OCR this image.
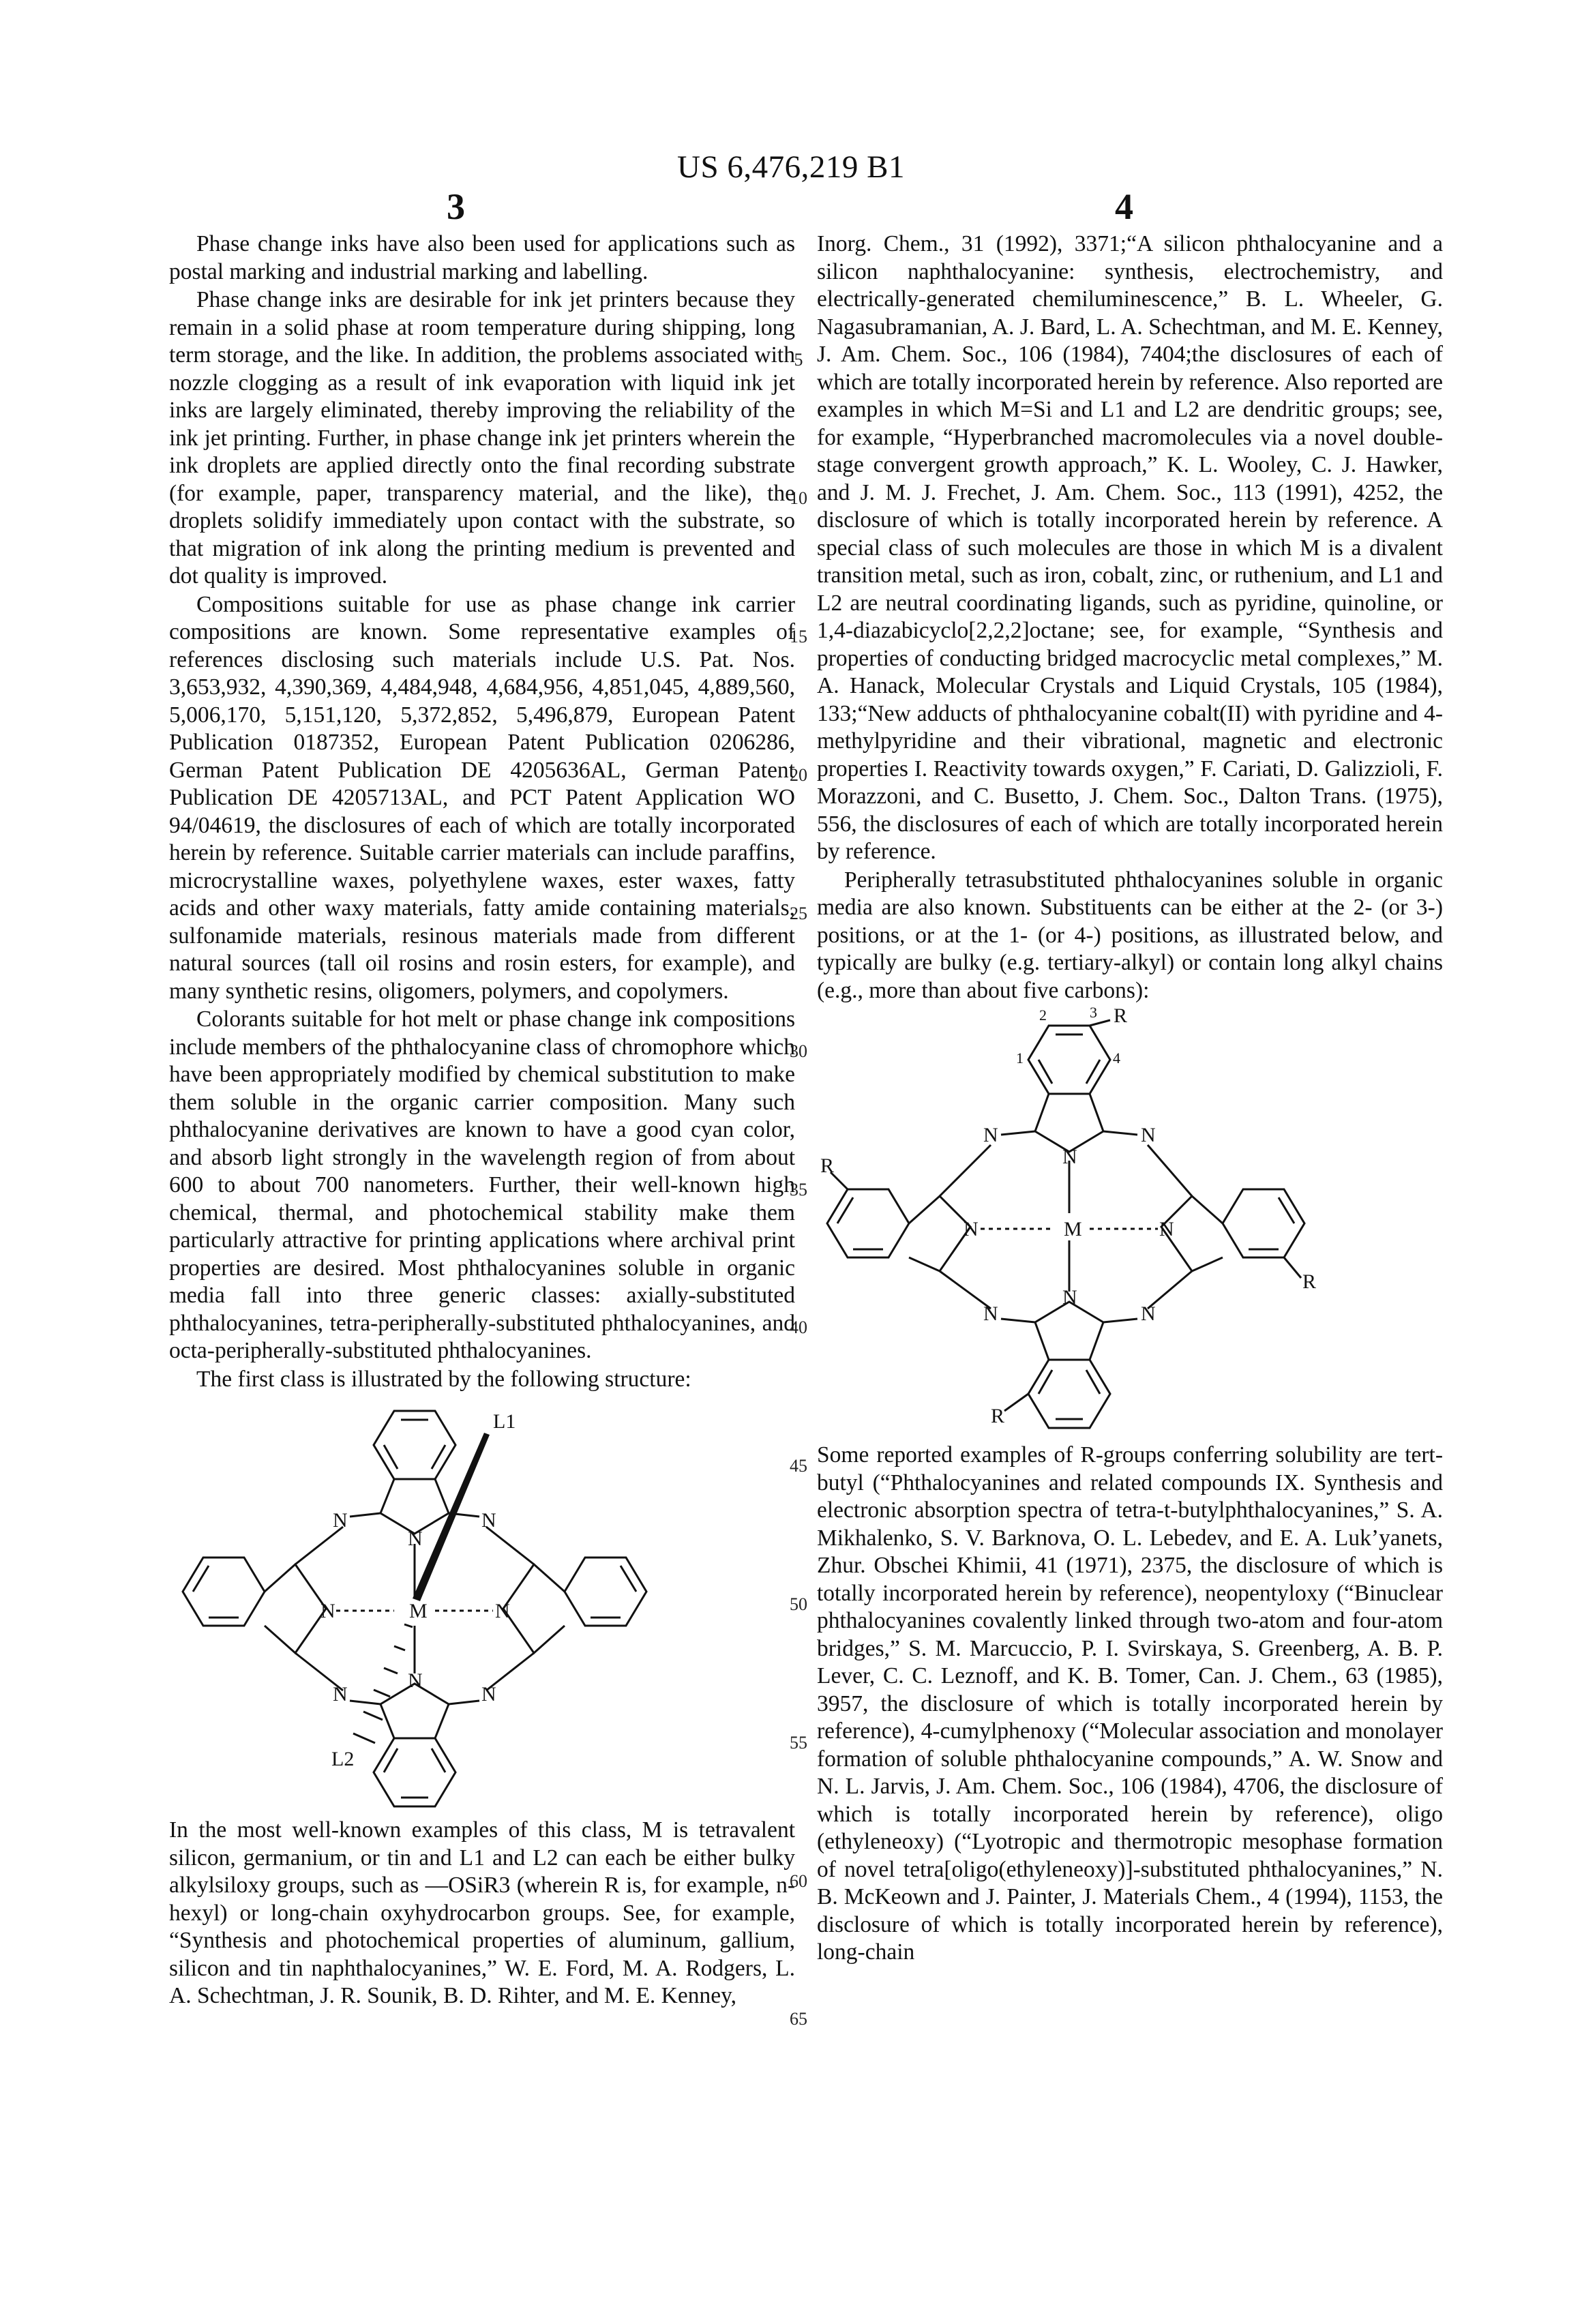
US 6,476,219 B1
3	4

Phase change inks have also been used for applications such as postal marking and industrial marking and labelling.

Phase change inks are desirable for ink jet printers because they remain in a solid phase at room temperature during shipping, long term storage, and the like. In addition, the problems associated with nozzle clogging as a result of ink evaporation with liquid ink jet inks are largely eliminated, thereby improving the reliability of the ink jet printing. Further, in phase change ink jet printers wherein the ink droplets are applied directly onto the final recording substrate (for example, paper, transparency material, and the like), the droplets solidify immediately upon contact with the substrate, so that migration of ink along the printing medium is prevented and dot quality is improved.

Compositions suitable for use as phase change ink carrier compositions are known. Some representative examples of references disclosing such materials include U.S. Pat. Nos. 3,653,932, 4,390,369, 4,484,948, 4,684,956, 4,851,045, 4,889,560, 5,006,170, 5,151,120, 5,372,852, 5,496,879, European Patent Publication 0187352, European Patent Publication 0206286, German Patent Publication DE 4205636AL, German Patent Publication DE 4205713AL, and PCT Patent Application WO 94/04619, the disclosures of each of which are totally incorporated herein by reference. Suitable carrier materials can include paraffins, microcrystalline waxes, polyethylene waxes, ester waxes, fatty acids and other waxy materials, fatty amide containing materials, sulfonamide materials, resinous materials made from different natural sources (tall oil rosins and rosin esters, for example), and many synthetic resins, oligomers, polymers, and copolymers.

Colorants suitable for hot melt or phase change ink compositions include members of the phthalocyanine class of chromophore which have been appropriately modified by chemical substitution to make them soluble in the organic carrier composition. Many such phthalocyanine derivatives are known to have a good cyan color, and absorb light strongly in the wavelength region of from about 600 to about 700 nanometers. Further, their well-known high chemical, thermal, and photochemical stability make them particularly attractive for printing applications where archival print properties are desired. Most phthalocyanines soluble in organic media fall into three generic classes: axially-substituted phthalocyanines, tetra-peripherally-substituted phthalocyanines, and octa-peripherally-substituted phthalocyanines.

The first class is illustrated by the following structure:

M
N
N
N	N
N	N
N	N
L1
L2

In the most well-known examples of this class, M is tetravalent silicon, germanium, or tin and L1 and L2 can each be either bulky alkylsiloxy groups, such as —OSiR3 (wherein R is, for example, n-hexyl) or long-chain oxyhydrocarbon groups. See, for example, “Synthesis and photochemical properties of aluminum, gallium, silicon and tin naphthalocyanines,” W. E. Ford, M. A. Rodgers, L. A. Schechtman, J. R. Sounik, B. D. Rihter, and M. E. Kenney,

5
10
15
20
25
30
35
40
45
50
55
60
65

Inorg. Chem., 31 (1992), 3371;“A silicon phthalocyanine and a silicon naphthalocyanine: synthesis, electrochemistry, and electrically-generated chemiluminescence,” B. L. Wheeler, G. Nagasubramanian, A. J. Bard, L. A. Schechtman, and M. E. Kenney, J. Am. Chem. Soc., 106 (1984), 7404;the disclosures of each of which are totally incorporated herein by reference. Also reported are examples in which M=Si and L1 and L2 are dendritic groups; see, for example, “Hyperbranched macromolecules via a novel double-stage convergent growth approach,” K. L. Wooley, C. J. Hawker, and J. M. J. Frechet, J. Am. Chem. Soc., 113 (1991), 4252, the disclosure of which is totally incorporated herein by reference. A special class of such molecules are those in which M is a divalent transition metal, such as iron, cobalt, zinc, or ruthenium, and L1 and L2 are neutral coordinating ligands, such as pyridine, quinoline, or 1,4-diazabicyclo[2,2,2]octane; see, for example, “Synthesis and properties of conducting bridged macrocyclic metal complexes,” M. A. Hanack, Molecular Crystals and Liquid Crystals, 105 (1984), 133;“New adducts of phthalocyanine cobalt(II) with pyridine and 4-methylpyridine and their vibrational, magnetic and electronic properties I. Reactivity towards oxygen,” F. Cariati, D. Galizzioli, F. Morazzoni, and C. Busetto, J. Chem. Soc., Dalton Trans. (1975), 556, the disclosures of each of which are totally incorporated herein by reference.

Peripherally tetrasubstituted phthalocyanines soluble in organic media are also known. Substituents can be either at the 2- (or 3-) positions, or at the 1- (or 4-) positions, as illustrated below, and typically are bulky (e.g. tertiary-alkyl) or contain long alkyl chains (e.g., more than about five carbons):

M
N
N
N	N
N	N
N	N
R
R
R
R
1
2	3
4

Some reported examples of R-groups conferring solubility are tert-butyl (“Phthalocyanines and related compounds IX. Synthesis and electronic absorption spectra of tetra-t-butylphthalocyanines,” S. A. Mikhalenko, S. V. Barknova, O. L. Lebedev, and E. A. Luk’yanets, Zhur. Obschei Khimii, 41 (1971), 2375, the disclosure of which is totally incorporated herein by reference), neopentyloxy (“Binuclear phthalocyanines covalently linked through two-atom and four-atom bridges,” S. M. Marcuccio, P. I. Svirskaya, S. Greenberg, A. B. P. Lever, C. C. Leznoff, and K. B. Tomer, Can. J. Chem., 63 (1985), 3957, the disclosure of which is totally incorporated herein by reference), 4-cumylphenoxy (“Molecular association and monolayer formation of soluble phthalocyanine compounds,” A. W. Snow and N. L. Jarvis, J. Am. Chem. Soc., 106 (1984), 4706, the disclosure of which is totally incorporated herein by reference), oligo (ethyleneoxy) (“Lyotropic and thermotropic mesophase formation of novel tetra[oligo(ethyleneoxy)]-substituted phthalocyanines,” N. B. McKeown and J. Painter, J. Materials Chem., 4 (1994), 1153, the disclosure of which is totally incorporated herein by reference), long-chain
